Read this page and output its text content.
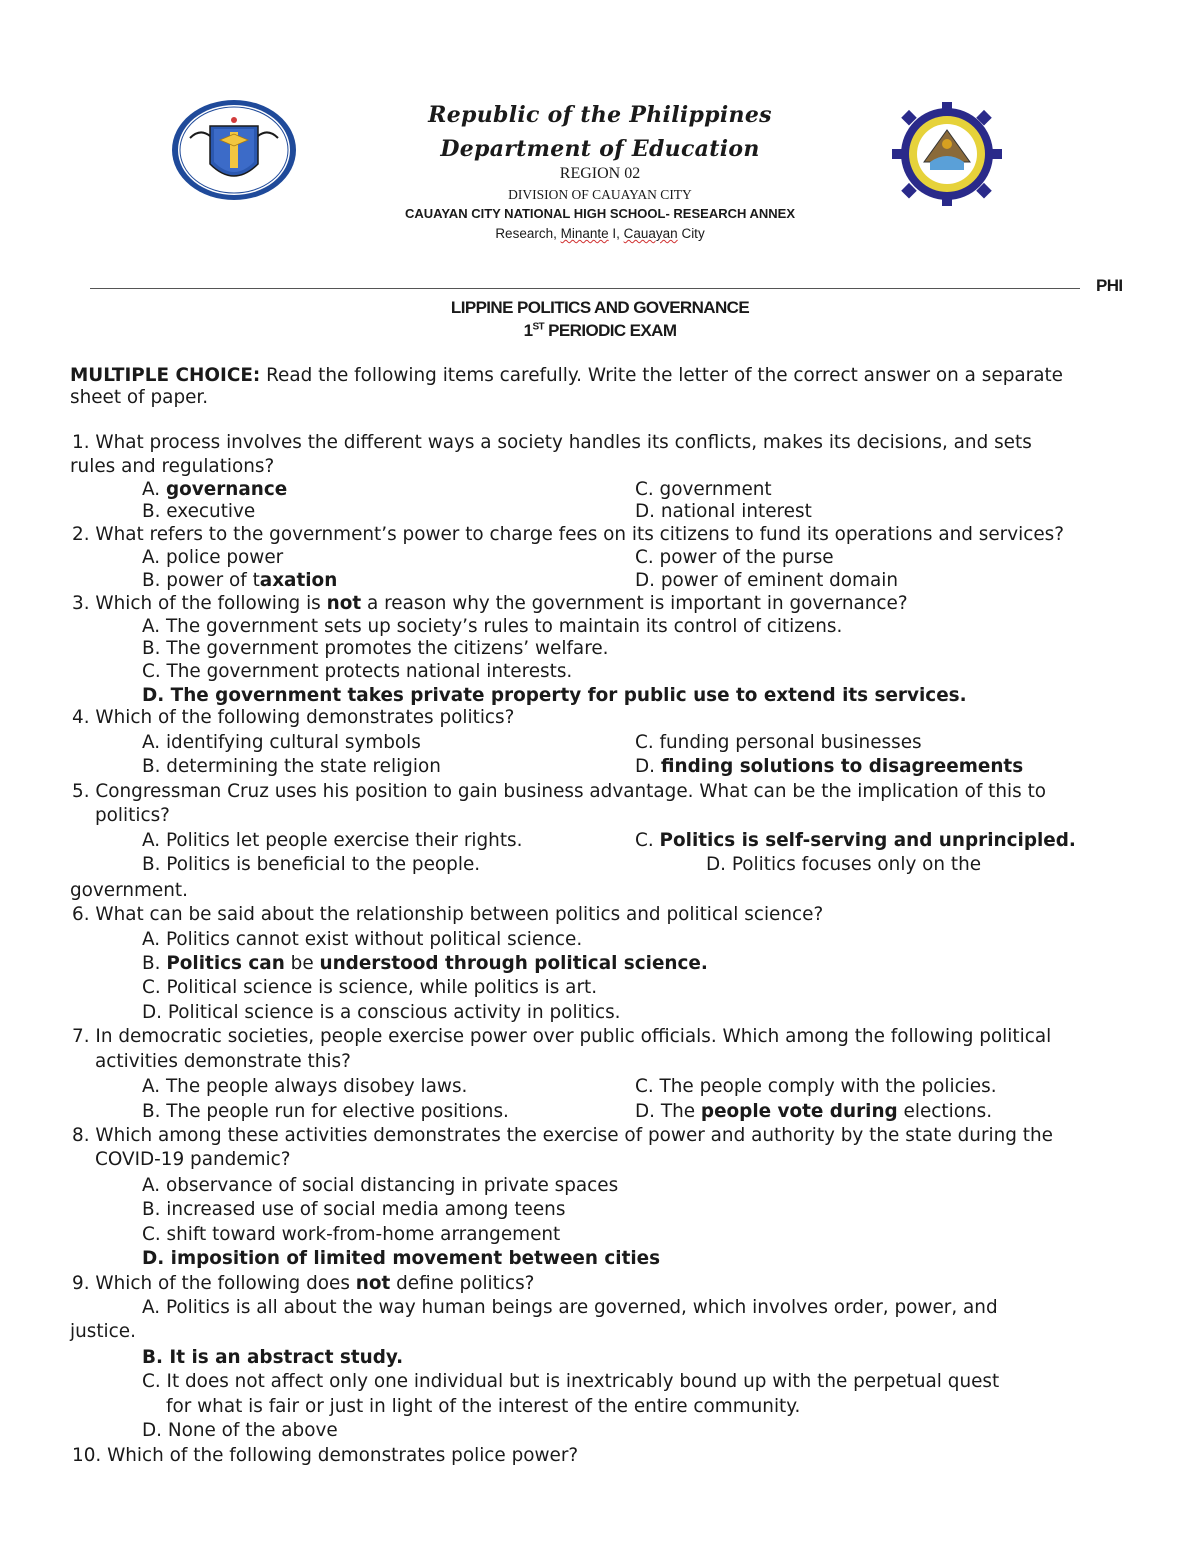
Republic of the Philippines
Department of Education
REGION 02
DIVISION OF CAUAYAN CITY
CAUAYAN CITY NATIONAL HIGH SCHOOL- RESEARCH ANNEX
Research, Minante I, Cauayan City
PHI
LIPPINE POLITICS AND GOVERNANCE
1ST PERIODIC EXAM
MULTIPLE CHOICE: Read the following items carefully. Write the letter of the correct answer on a separate
sheet of paper.
1. What process involves the different ways a society handles its conflicts, makes its decisions, and sets
rules and regulations?
A. governance	C. government
B. executive	D. national interest
2. What refers to the government’s power to charge fees on its citizens to fund its operations and services?
A. police power	C. power of the purse
B. power of taxation	D. power of eminent domain
3. Which of the following is not a reason why the government is important in governance?
A. The government sets up society’s rules to maintain its control of citizens.
B. The government promotes the citizens’ welfare.
C. The government protects national interests.
D. The government takes private property for public use to extend its services.
4. Which of the following demonstrates politics?
A. identifying cultural symbols	C. funding personal businesses
B. determining the state religion	D. finding solutions to disagreements
5. Congressman Cruz uses his position to gain business advantage. What can be the implication of this to
politics?
A. Politics let people exercise their rights.	C. Politics is self-serving and unprincipled.
B. Politics is beneficial to the people.	D. Politics focuses only on the
government.
6. What can be said about the relationship between politics and political science?
A. Politics cannot exist without political science.
B. Politics can be understood through political science.
C. Political science is science, while politics is art.
D. Political science is a conscious activity in politics.
7. In democratic societies, people exercise power over public officials. Which among the following political
activities demonstrate this?
A. The people always disobey laws.	C. The people comply with the policies.
B. The people run for elective positions.	D. The people vote during elections.
8. Which among these activities demonstrates the exercise of power and authority by the state during the
COVID-19 pandemic?
A. observance of social distancing in private spaces
B. increased use of social media among teens
C. shift toward work-from-home arrangement
D. imposition of limited movement between cities
9. Which of the following does not define politics?
A. Politics is all about the way human beings are governed, which involves order, power, and
justice.
B. It is an abstract study.
C. It does not affect only one individual but is inextricably bound up with the perpetual quest
for what is fair or just in light of the interest of the entire community.
D. None of the above
10. Which of the following demonstrates police power?
